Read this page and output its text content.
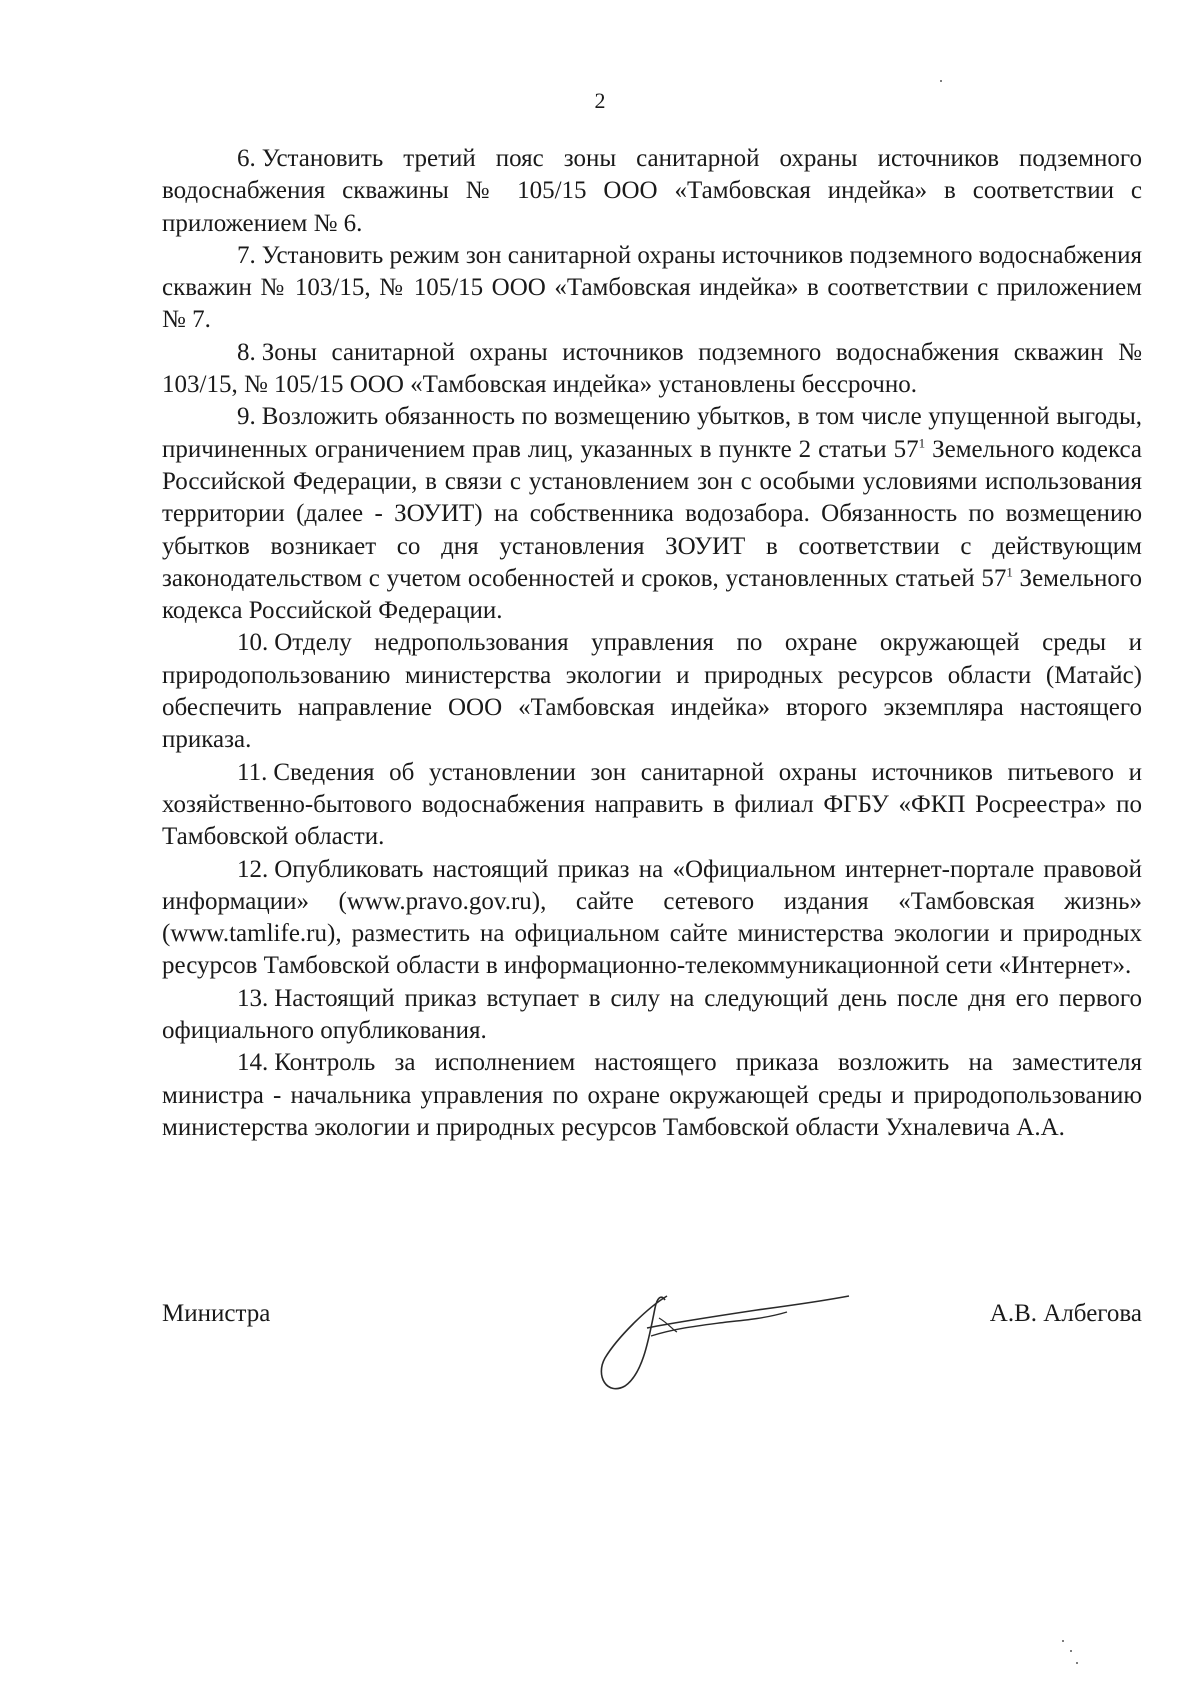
2

6. Установить третий пояс зоны санитарной охраны источников подземного водоснабжения скважины № 105/15 ООО «Тамбовская индейка» в соответствии с приложением № 6.

7. Установить режим зон санитарной охраны источников подземного водоснабжения скважин № 103/15, № 105/15 ООО «Тамбовская индейка» в соответствии с приложением № 7.

8. Зоны санитарной охраны источников подземного водоснабжения скважин № 103/15, № 105/15 ООО «Тамбовская индейка» установлены бессрочно.

9. Возложить обязанность по возмещению убытков, в том числе упущенной выгоды, причиненных ограничением прав лиц, указанных в пункте 2 статьи $57^1$ Земельного кодекса Российской Федерации, в связи с установлением зон с особыми условиями использования территории (далее - ЗОУИТ) на собственника водозабора. Обязанность по возмещению убытков возникает со дня установления ЗОУИТ в соответствии с действующим законодательством с учетом особенностей и сроков, установленных статьей $57^1$ Земельного кодекса Российской Федерации.

10. Отделу недропользования управления по охране окружающей среды и природопользованию министерства экологии и природных ресурсов области (Матайс) обеспечить направление ООО «Тамбовская индейка» второго экземпляра настоящего приказа.

11. Сведения об установлении зон санитарной охраны источников питьевого и хозяйственно-бытового водоснабжения направить в филиал ФГБУ «ФКП Росреестра» по Тамбовской области.

12. Опубликовать настоящий приказ на «Официальном интернет-портале правовой информации» (www.pravo.gov.ru), сайте сетевого издания «Тамбовская жизнь» (www.tamlife.ru), разместить на официальном сайте министерства экологии и природных ресурсов Тамбовской области в информационно-телекоммуникационной сети «Интернет».

13. Настоящий приказ вступает в силу на следующий день после дня его первого официального опубликования.

14. Контроль за исполнением настоящего приказа возложить на заместителя министра - начальника управления по охране окружающей среды и природопользованию министерства экологии и природных ресурсов Тамбовской области Ухналевича А.А.

Министра	А.В. Албегова
